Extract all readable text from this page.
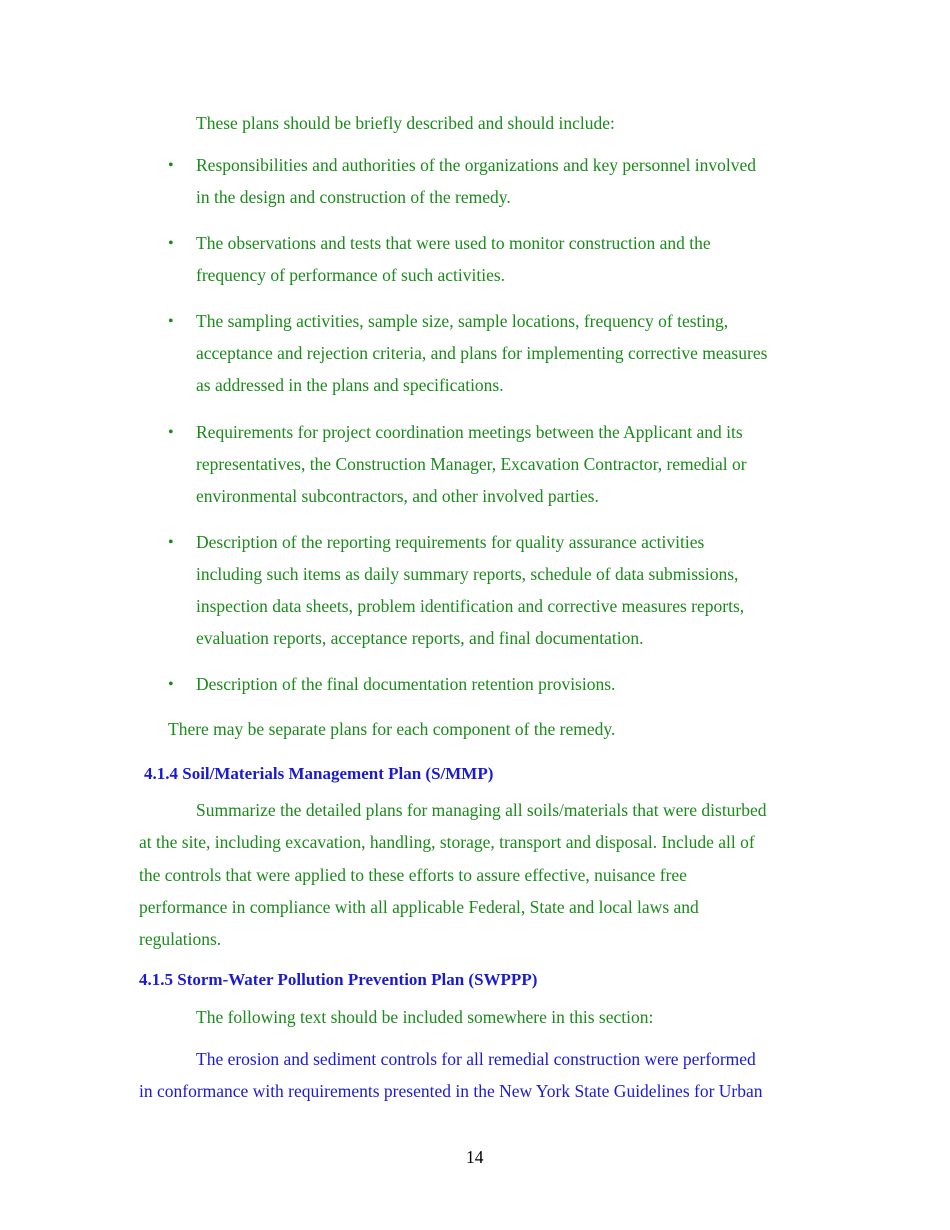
These plans should be briefly described and should include:
• Responsibilities and authorities of the organizations and key personnel involved
in the design and construction of the remedy.
• The observations and tests that were used to monitor construction and the
frequency of performance of such activities.
• The sampling activities, sample size, sample locations, frequency of testing,
acceptance and rejection criteria, and plans for implementing corrective measures
as addressed in the plans and specifications.
• Requirements for project coordination meetings between the Applicant and its
representatives, the Construction Manager, Excavation Contractor, remedial or
environmental subcontractors, and other involved parties.
• Description of the reporting requirements for quality assurance activities
including such items as daily summary reports, schedule of data submissions,
inspection data sheets, problem identification and corrective measures reports,
evaluation reports, acceptance reports, and final documentation.
• Description of the final documentation retention provisions.
There may be separate plans for each component of the remedy.
4.1.4 Soil/Materials Management Plan (S/MMP)
Summarize the detailed plans for managing all soils/materials that were disturbed
at the site, including excavation, handling, storage, transport and disposal. Include all of
the controls that were applied to these efforts to assure effective, nuisance free
performance in compliance with all applicable Federal, State and local laws and
regulations.
4.1.5 Storm-Water Pollution Prevention Plan (SWPPP)
The following text should be included somewhere in this section:
The erosion and sediment controls for all remedial construction were performed
in conformance with requirements presented in the New York State Guidelines for Urban
14
